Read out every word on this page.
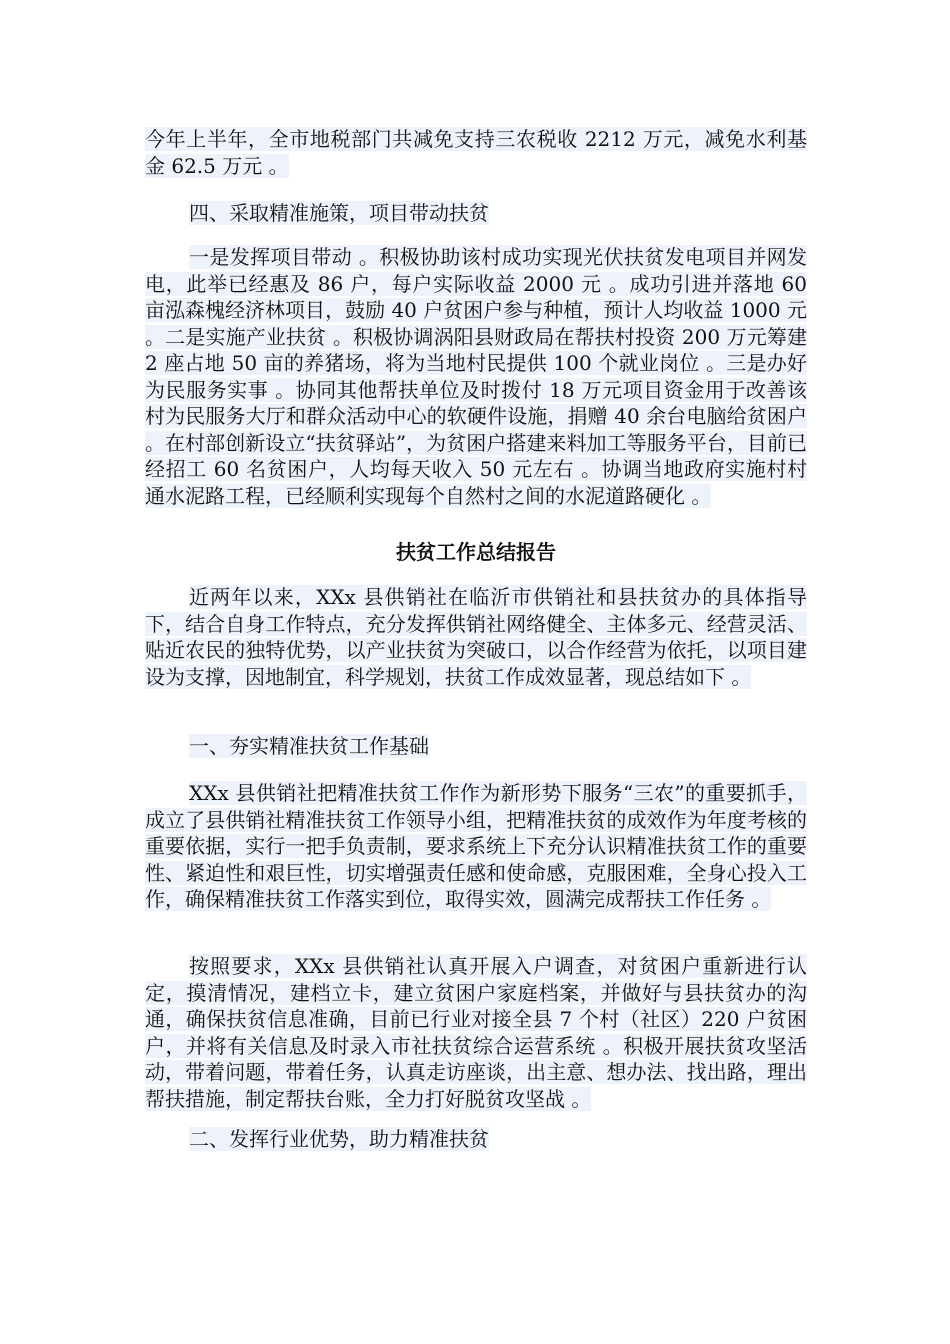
今年上半年，全市地税部门共减免支持三农税收 2212 万元，减免水利基金 62.5 万元 。
四、采取精准施策，项目带动扶贫
一是发挥项目带动 。积极协助该村成功实现光伏扶贫发电项目并网发电，此举已经惠及 86 户，每户实际收益 2000 元 。成功引进并落地 60 亩泓森槐经济林项目，鼓励 40 户贫困户参与种植，预计人均收益 1000 元 。二是实施产业扶贫 。积极协调涡阳县财政局在帮扶村投资 200 万元筹建 2 座占地 50 亩的养猪场，将为当地村民提供 100 个就业岗位 。三是办好为民服务实事 。协同其他帮扶单位及时拨付 18 万元项目资金用于改善该村为民服务大厅和群众活动中心的软硬件设施，捐赠 40 余台电脑给贫困户 。在村部创新设立“扶贫驿站”，为贫困户搭建来料加工等服务平台，目前已经招工 60 名贫困户，人均每天收入 50 元左右 。协调当地政府实施村村通水泥路工程，已经顺利实现每个自然村之间的水泥道路硬化 。
扶贫工作总结报告
近两年以来，XXx 县供销社在临沂市供销社和县扶贫办的具体指导下，结合自身工作特点，充分发挥供销社网络健全、主体多元、经营灵活、贴近农民的独特优势，以产业扶贫为突破口，以合作经营为依托，以项目建设为支撑，因地制宜，科学规划，扶贫工作成效显著，现总结如下 。
一、夯实精准扶贫工作基础
XXx 县供销社把精准扶贫工作作为新形势下服务“三农”的重要抓手，成立了县供销社精准扶贫工作领导小组，把精准扶贫的成效作为年度考核的重要依据，实行一把手负责制，要求系统上下充分认识精准扶贫工作的重要性、紧迫性和艰巨性，切实增强责任感和使命感，克服困难，全身心投入工作，确保精准扶贫工作落实到位，取得实效，圆满完成帮扶工作任务 。
按照要求，XXx 县供销社认真开展入户调查，对贫困户重新进行认定，摸清情况，建档立卡，建立贫困户家庭档案，并做好与县扶贫办的沟通，确保扶贫信息准确，目前已行业对接全县 7 个村（社区）220 户贫困户，并将有关信息及时录入市社扶贫综合运营系统 。积极开展扶贫攻坚活动，带着问题，带着任务，认真走访座谈，出主意、想办法、找出路，理出帮扶措施，制定帮扶台账，全力打好脱贫攻坚战 。
二、发挥行业优势，助力精准扶贫
